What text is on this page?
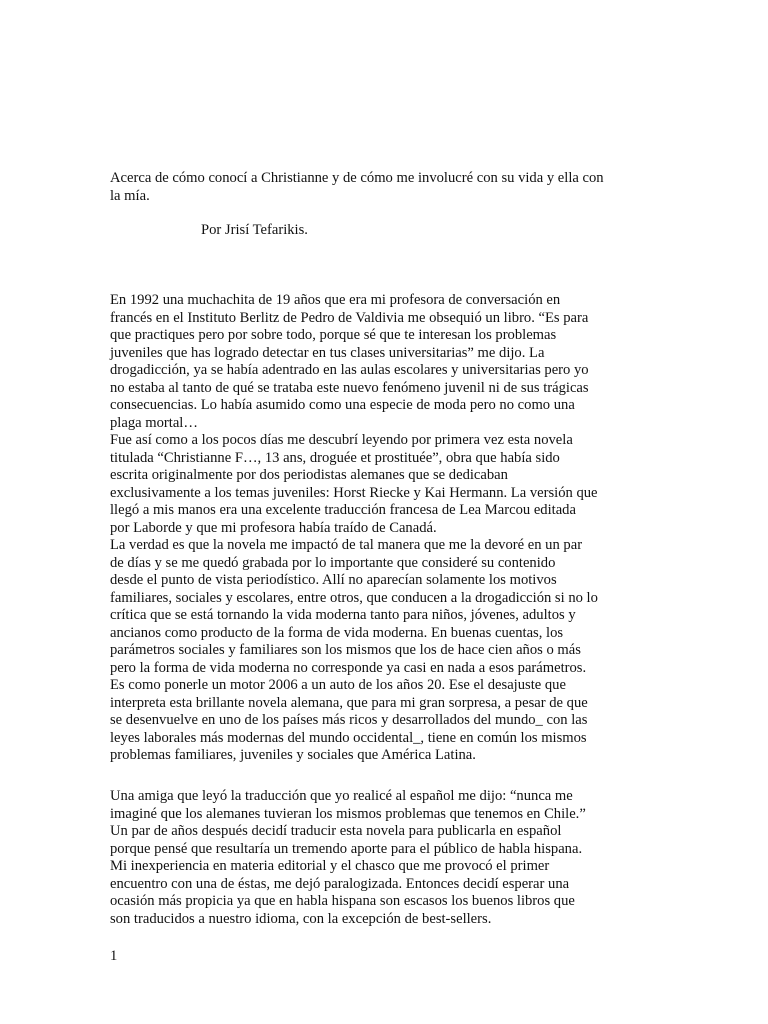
Acerca de cómo conocí a Christianne y de cómo me involucré con su vida y ella con
la mía.

Por Jrisí Tefarikis.

En 1992 una muchachita de 19 años que era mi profesora de conversación en
francés en el Instituto Berlitz de Pedro de Valdivia me obsequió un libro. “Es para
que practiques pero por sobre todo, porque sé que te interesan los problemas
juveniles que has logrado detectar en tus clases universitarias” me dijo. La
drogadicción, ya se había adentrado en las aulas escolares y universitarias pero yo
no estaba al tanto de qué se trataba este nuevo fenómeno juvenil ni de sus trágicas
consecuencias. Lo había asumido como una especie de moda pero no como una
plaga mortal…
Fue así como a los pocos días me descubrí leyendo por primera vez esta novela
titulada “Christianne F…, 13 ans, droguée et prostituée”, obra que había sido
escrita originalmente por dos periodistas alemanes que se dedicaban
exclusivamente a los temas juveniles: Horst Riecke y Kai Hermann. La versión que
llegó a mis manos era una excelente traducción francesa de Lea Marcou editada
por Laborde y que mi profesora había traído de Canadá.
La verdad es que la novela me impactó de tal manera que me la devoré en un par
de días y se me quedó grabada por lo importante que consideré su contenido
desde el punto de vista periodístico. Allí no aparecían solamente los motivos
familiares, sociales y escolares, entre otros, que conducen a la drogadicción si no lo
crítica que se está tornando la vida moderna tanto para niños, jóvenes, adultos y
ancianos como producto de la forma de vida moderna. En buenas cuentas, los
parámetros sociales y familiares son los mismos que los de hace cien años o más
pero la forma de vida moderna no corresponde ya casi en nada a esos parámetros.
Es como ponerle un motor 2006 a un auto de los años 20. Ese el desajuste que
interpreta esta brillante novela alemana, que para mi gran sorpresa, a pesar de que
se desenvuelve en uno de los países más ricos y desarrollados del mundo_ con las
leyes laborales más modernas del mundo occidental_, tiene en común los mismos
problemas familiares, juveniles y sociales que América Latina.

Una amiga que leyó la traducción que yo realicé al español me dijo: “nunca me
imaginé que los alemanes tuvieran los mismos problemas que tenemos en Chile.”
Un par de años después decidí traducir esta novela para publicarla en español
porque pensé que resultaría un tremendo aporte para el público de habla hispana.
Mi inexperiencia en materia editorial y el chasco que me provocó el primer
encuentro con una de éstas, me dejó paralogizada. Entonces decidí esperar una
ocasión más propicia ya que en habla hispana son escasos los buenos libros que
son traducidos a nuestro idioma, con la excepción de best-sellers.

1
